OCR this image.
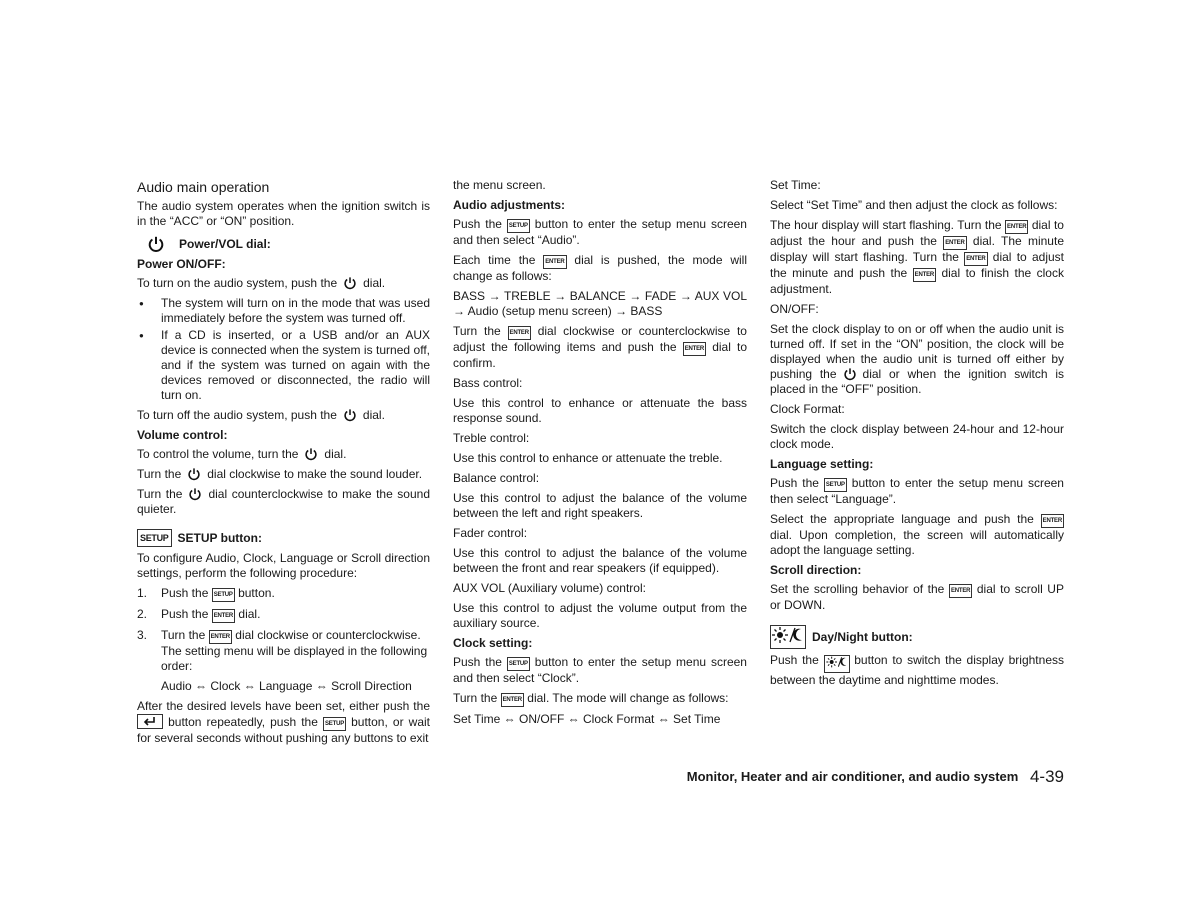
Audio main operation

The audio system operates when the ignition switch is in the “ACC” or “ON” position.

Power/VOL dial:
Power ON/OFF:

To turn on the audio system, push the dial.

● The system will turn on in the mode that was used immediately before the system was turned off.
● If a CD is inserted, or a USB and/or an AUX device is connected when the system is turned off, and if the system was turned on again with the devices removed or disconnected, the radio will turn on.

To turn off the audio system, push the dial.

Volume control:

To control the volume, turn the dial.

Turn the dial clockwise to make the sound louder.

Turn the dial counterclockwise to make the sound quieter.

SETUP SETUP button:

To configure Audio, Clock, Language or Scroll direction settings, perform the following procedure:

1. Push the SETUP button.
2. Push the ENTER dial.
3. Turn the ENTER dial clockwise or counterclockwise. The setting menu will be displayed in the following order:

Audio ⇔ Clock ⇔ Language ⇔ Scroll Direction

After the desired levels have been set, either push the
button repeatedly, push the SETUP button, or wait for several seconds without pushing any buttons to exit

the menu screen.

Audio adjustments:

Push the SETUP button to enter the setup menu screen and then select “Audio”.

Each time the ENTER dial is pushed, the mode will change as follows:

BASS → TREBLE → BALANCE → FADE → AUX VOL → Audio (setup menu screen) → BASS

Turn the ENTER dial clockwise or counterclockwise to adjust the following items and push the ENTER dial to confirm.

Bass control:

Use this control to enhance or attenuate the bass response sound.

Treble control:

Use this control to enhance or attenuate the treble.

Balance control:

Use this control to adjust the balance of the volume between the left and right speakers.

Fader control:

Use this control to adjust the balance of the volume between the front and rear speakers (if equipped).

AUX VOL (Auxiliary volume) control:

Use this control to adjust the volume output from the auxiliary source.

Clock setting:

Push the SETUP button to enter the setup menu screen and then select “Clock”.

Turn the ENTER dial. The mode will change as follows:

Set Time ⇔ ON/OFF ⇔ Clock Format ⇔ Set Time

Set Time:

Select “Set Time” and then adjust the clock as follows:

The hour display will start flashing. Turn the ENTER dial to adjust the hour and push the ENTER dial. The minute display will start flashing. Turn the ENTER dial to adjust the minute and push the ENTER dial to finish the clock adjustment.

ON/OFF:

Set the clock display to on or off when the audio unit is turned off. If set in the “ON” position, the clock will be displayed when the audio unit is turned off either by pushing the dial or when the ignition switch is placed in the “OFF” position.

Clock Format:

Switch the clock display between 24-hour and 12-hour clock mode.

Language setting:

Push the SETUP button to enter the setup menu screen then select “Language”.

Select the appropriate language and push the ENTER dial. Upon completion, the screen will automatically adopt the language setting.

Scroll direction:

Set the scrolling behavior of the ENTER dial to scroll UP or DOWN.

Day/Night button:

Push the	button to switch the display brightness between the daytime and nighttime modes.

Monitor, Heater and air conditioner, and audio system 4-39
